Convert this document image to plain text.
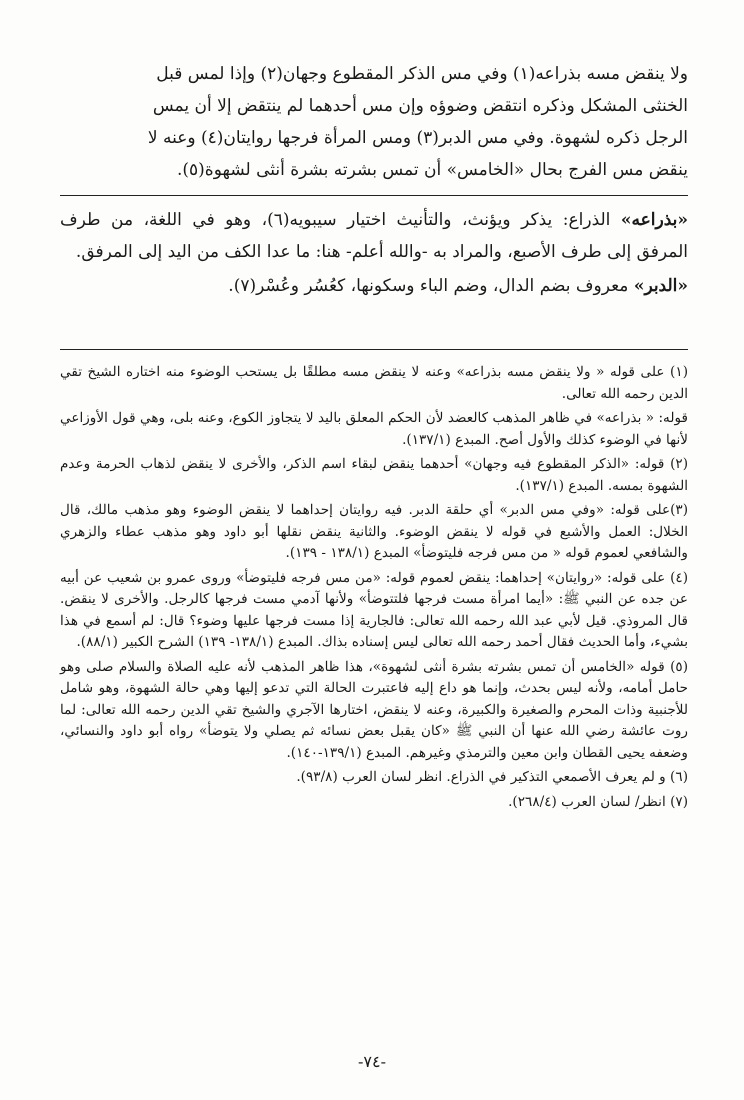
ولا ينقض مسه بذراعه(١) وفي مس الذكر المقطوع وجهان(٢) وإذا لمس قبل

الخنثى المشكل وذكره انتقض وضوؤه وإن مس أحدهما لم ينتقض إلا أن يمس

الرجل ذكره لشهوة. وفي مس الدبر(٣) ومس المرأة فرجها روايتان(٤) وعنه لا

ينقض مس الفرج بحال «الخامس» أن تمس بشرته بشرة أنثى لشهوة(٥).

«بذراعه» الذراع: يذكر ويؤنث، والتأنيث اختيار سيبويه(٦)، وهو في اللغة، من طرف المرفق إلى طرف الأصبع، والمراد به -والله أعلم- هنا: ما عدا الكف من اليد إلى المرفق.

«الدبر» معروف بضم الدال، وضم الباء وسكونها، كعُسُر وعُسْر(٧).

(١) على قوله « ولا ينقض مسه بذراعه» وعنه لا ينقض مسه مطلقًا بل يستحب الوضوء منه اختاره الشيخ تقي الدين رحمه الله تعالى.

قوله: « بذراعه» في ظاهر المذهب كالعضد لأن الحكم المعلق باليد لا يتجاوز الكوع، وعنه بلى، وهي قول الأوزاعي لأنها في الوضوء كذلك والأول أصح. المبدع (١٣٧/١).

(٢) قوله: «الذكر المقطوع فيه وجهان» أحدهما ينقض لبقاء اسم الذكر، والأخرى لا ينقض لذهاب الحرمة وعدم الشهوة بمسه. المبدع (١٣٧/١).

(٣)على قوله: «وفي مس الدبر» أي حلقة الدبر. فيه روايتان إحداهما لا ينقض الوضوء وهو مذهب مالك، قال الخلال: العمل والأشبع في قوله لا ينقض الوضوء. والثانية ينقض نقلها أبو داود وهو مذهب عطاء والزهري والشافعي لعموم قوله « من مس فرجه فليتوضأ» المبدع (١٣٨/١ - ١٣٩).

(٤) على قوله: «روايتان» إحداهما: ينقض لعموم قوله: «من مس فرجه فليتوضأ» وروى عمرو بن شعيب عن أبيه عن جده عن النبي ﷺ: «أيما امرأة مست فرجها فلتتوضأ» ولأنها آدمي مست فرجها كالرجل. والأخرى لا ينقض. قال المروذي. قيل لأبي عبد الله رحمه الله تعالى: فالجارية إذا مست فرجها عليها وضوء؟ قال: لم أسمع في هذا بشيء، وأما الحديث فقال أحمد رحمه الله تعالى ليس إسناده بذاك. المبدع (١٣٨/١- ١٣٩) الشرح الكبير (٨٨/١).

(٥) قوله «الخامس أن تمس بشرته بشرة أنثى لشهوة»، هذا ظاهر المذهب لأنه عليه الصلاة والسلام صلى وهو حامل أمامه، ولأنه ليس بحدث، وإنما هو داع إليه فاعتبرت الحالة التي تدعو إليها وهي حالة الشهوة، وهو شامل للأجنبية وذات المحرم والصغيرة والكبيرة، وعنه لا ينقض، اختارها الآجري والشيخ تقي الدين رحمه الله تعالى: لما روت عائشة رضي الله عنها أن النبي ﷺ «كان يقبل بعض نسائه ثم يصلي ولا يتوضأ» رواه أبو داود والنسائي، وضعفه يحيى القطان وابن معين والترمذي وغيرهم. المبدع (١٣٩/١-١٤٠).

(٦) و لم يعرف الأصمعي التذكير في الذراع. انظر لسان العرب (٩٣/٨).

(٧) انظر/ لسان العرب (٢٦٨/٤).

-٧٤-
